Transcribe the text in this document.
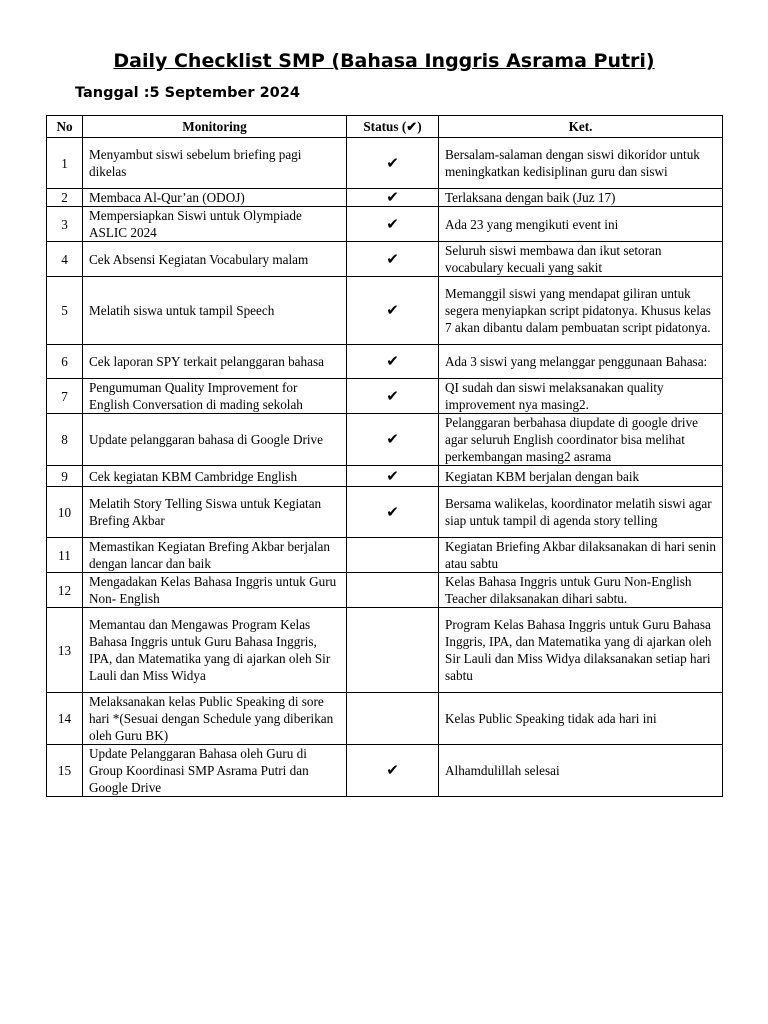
Daily Checklist SMP (Bahasa Inggris Asrama Putri)
Tanggal :5 September 2024
No	Monitoring	Status (✔)	Ket.
1	Menyambut siswi sebelum briefing pagi dikelas	✔	Bersalam-salaman dengan siswi dikoridor untuk meningkatkan kedisiplinan guru dan siswi
2	Membaca Al-Qur’an (ODOJ)	✔	Terlaksana dengan baik (Juz 17)
3	Mempersiapkan Siswi untuk Olympiade ASLIC 2024	✔	Ada 23 yang mengikuti event ini
4	Cek Absensi Kegiatan Vocabulary malam	✔	Seluruh siswi membawa dan ikut setoran vocabulary kecuali yang sakit
5	Melatih siswa untuk tampil Speech	✔	Memanggil siswi yang mendapat giliran untuk segera menyiapkan script pidatonya. Khusus kelas 7 akan dibantu dalam pembuatan script pidatonya.
6	Cek laporan SPY terkait pelanggaran bahasa	✔	Ada 3 siswi yang melanggar penggunaan Bahasa:
7	Pengumuman Quality Improvement for English Conversation di mading sekolah	✔	QI sudah dan siswi melaksanakan quality improvement nya masing2.
8	Update pelanggaran bahasa di Google Drive	✔	Pelanggaran berbahasa diupdate di google drive agar seluruh English coordinator bisa melihat perkembangan masing2 asrama
9	Cek kegiatan KBM Cambridge English	✔	Kegiatan KBM berjalan dengan baik
10	Melatih Story Telling Siswa untuk Kegiatan Brefing Akbar	✔	Bersama walikelas, koordinator melatih siswi agar siap untuk tampil di agenda story telling
11	Memastikan Kegiatan Brefing Akbar berjalan dengan lancar dan baik		Kegiatan Briefing Akbar dilaksanakan di hari senin atau sabtu
12	Mengadakan Kelas Bahasa Inggris untuk Guru Non- English		Kelas Bahasa Inggris untuk Guru Non-English Teacher dilaksanakan dihari sabtu.
13	Memantau dan Mengawas Program Kelas Bahasa Inggris untuk Guru Bahasa Inggris, IPA, dan Matematika yang di ajarkan oleh Sir Lauli dan Miss Widya		Program Kelas Bahasa Inggris untuk Guru Bahasa Inggris, IPA, dan Matematika yang di ajarkan oleh Sir Lauli dan Miss Widya dilaksanakan setiap hari sabtu
14	Melaksanakan kelas Public Speaking di sore hari *(Sesuai dengan Schedule yang diberikan oleh Guru BK)		Kelas Public Speaking tidak ada hari ini
15	Update Pelanggaran Bahasa oleh Guru di Group Koordinasi SMP Asrama Putri dan Google Drive	✔	Alhamdulillah selesai
